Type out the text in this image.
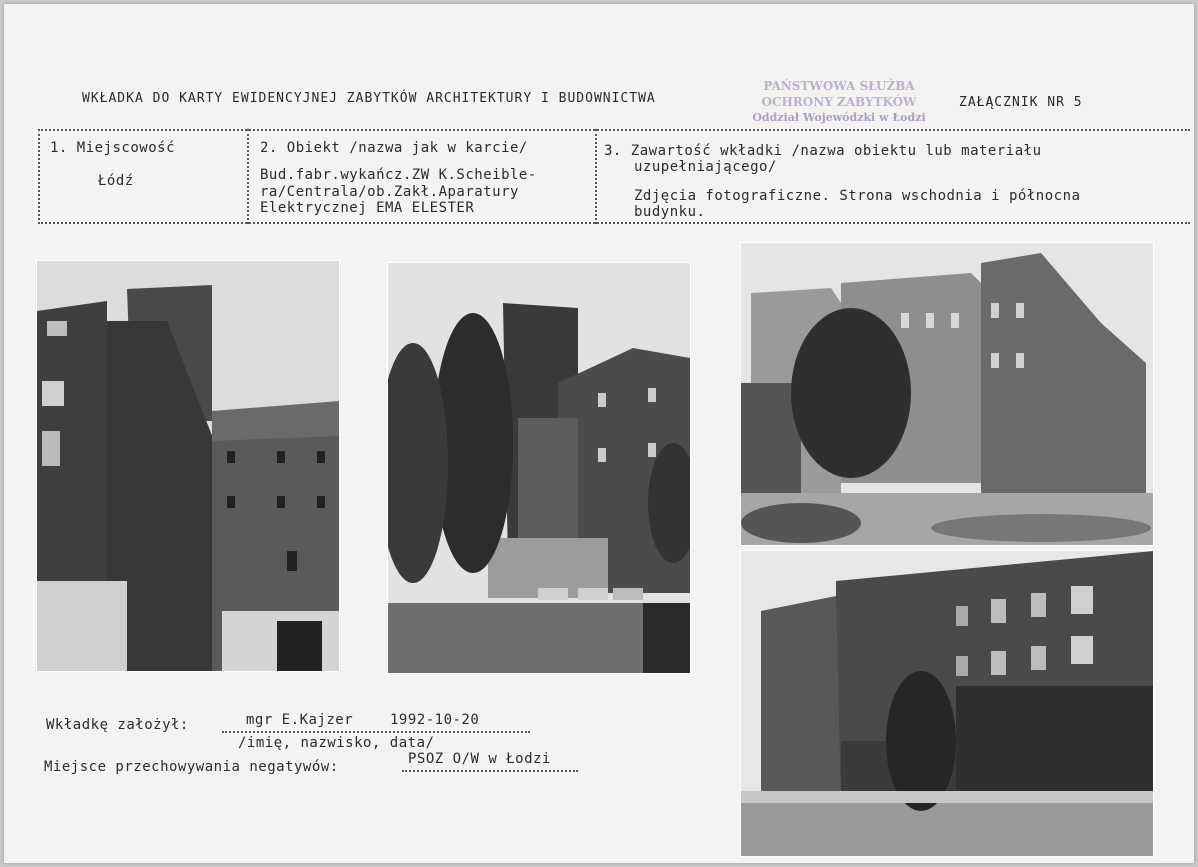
WKŁADKA DO KARTY EWIDENCYJNEJ ZABYTKÓW ARCHITEKTURY I BUDOWNICTWA
PAŃSTWOWA SŁUŻBA
OCHRONY ZABYTKÓW
Oddział Wojewódzki w Łodzi
ZAŁĄCZNIK NR 5
1. Miejscowość
Łódź
2. Obiekt /nazwa jak w karcie/
Bud.fabr.wykańcz.ZW K.Scheible-
ra/Centrala/ob.Zakł.Aparatury
Elektrycznej EMA ELESTER
3. Zawartość wkładki /nazwa obiektu lub materiału
uzupełniającego/
Zdjęcia fotograficzne. Strona wschodnia i północna
budynku.
Wkładkę założył:	mgr E.Kajzer	1992-10-20
/imię, nazwisko, data/
Miejsce przechowywania negatywów:	PSOZ O/W w Łodzi
